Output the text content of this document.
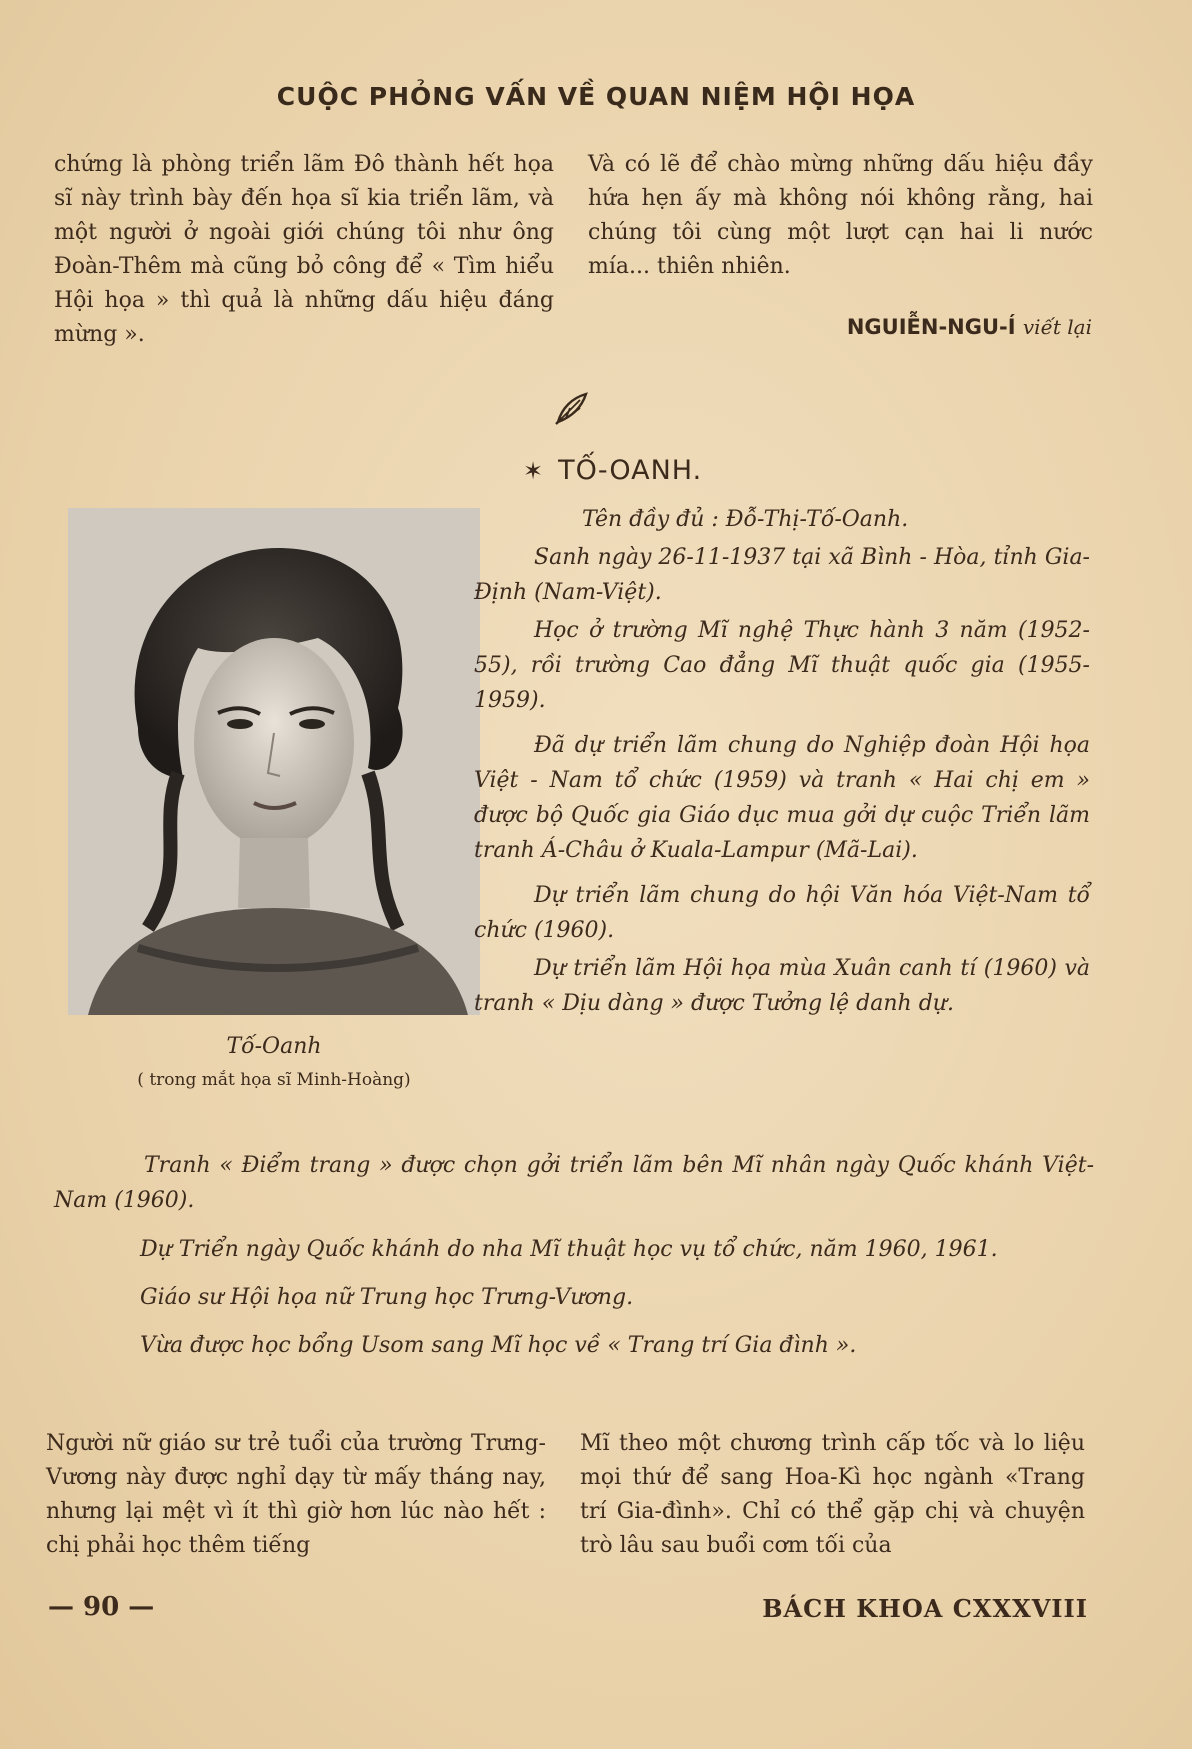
CUỘC PHỎNG VẤN VỀ QUAN NIỆM HỘI HỌA

chứng là phòng triển lãm Đô thành hết họa sĩ này trình bày đến họa sĩ kia triển lãm, và một người ở ngoài giới chúng tôi như ông Đoàn-Thêm mà cũng bỏ công để « Tìm hiểu Hội họa » thì quả là những dấu hiệu đáng mừng ».

Và có lẽ để chào mừng những dấu hiệu đầy hứa hẹn ấy mà không nói không rằng, hai chúng tôi cùng một lượt cạn hai li nước mía... thiên nhiên.

NGUIỄN-NGU-Í viết lại
✶ TỐ-OANH.
Tố-Oanh
( trong mắt họa sĩ Minh-Hoàng)

Tên đầy đủ : Đỗ-Thị-Tố-Oanh.

Sanh ngày 26-11-1937 tại xã Bình - Hòa, tỉnh Gia-Định (Nam-Việt).

Học ở trường Mĩ nghệ Thực hành 3 năm (1952-55), rồi trường Cao đẳng Mĩ thuật quốc gia (1955-1959).

Đã dự triển lãm chung do Nghiệp đoàn Hội họa Việt - Nam tổ chức (1959) và tranh « Hai chị em » được bộ Quốc gia Giáo dục mua gởi dự cuộc Triển lãm tranh Á-Châu ở Kuala-Lampur (Mã-Lai).

Dự triển lãm chung do hội Văn hóa Việt-Nam tổ chức (1960).

Dự triển lãm Hội họa mùa Xuân canh tí (1960) và tranh « Dịu dàng » được Tưởng lệ danh dự.

Tranh « Điểm trang » được chọn gởi triển lãm bên Mĩ nhân ngày Quốc khánh Việt-Nam (1960).
Dự Triển ngày Quốc khánh do nha Mĩ thuật học vụ tổ chức, năm 1960, 1961.
Giáo sư Hội họa nữ Trung học Trưng-Vương.
Vừa được học bổng Usom sang Mĩ học về « Trang trí Gia đình ».

Người nữ giáo sư trẻ tuổi của trường Trưng-Vương này được nghỉ dạy từ mấy tháng nay, nhưng lại mệt vì ít thì giờ hơn lúc nào hết : chị phải học thêm tiếng

Mĩ theo một chương trình cấp tốc và lo liệu mọi thứ để sang Hoa-Kì học ngành «Trang trí Gia-đình». Chỉ có thể gặp chị và chuyện trò lâu sau buổi cơm tối của

— 90 —	BÁCH KHOA CXXXVIII
